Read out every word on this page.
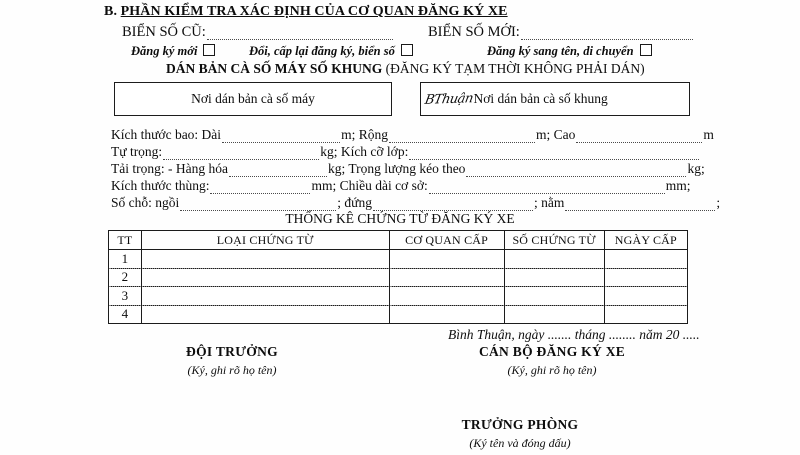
B. PHẦN KIỂM TRA XÁC ĐỊNH CỦA CƠ QUAN ĐĂNG KÝ XE
BIỂN SỐ CŨ:	BIỂN SỐ MỚI:
Đăng ký mới	Đổi, cấp lại đăng ký, biển số	Đăng ký sang tên, di chuyển
DÁN BẢN CÀ SỐ MÁY SỐ KHUNG (ĐĂNG KÝ TẠM THỜI KHÔNG PHẢI DÁN)
Nơi dán bản cà số máy	BThuận Nơi dán bản cà số khung
Kích thước bao: Dài	m; Rộng	m; Cao	m
Tự trọng:	kg; Kích cỡ lớp:
Tải trọng: - Hàng hóa	kg; Trọng lượng kéo theo	kg;
Kích thước thùng:	mm; Chiều dài cơ sở:	mm;
Số chỗ: ngồi	; đứng	; nằm	;
THỐNG KÊ CHỨNG TỪ ĐĂNG KÝ XE
TT	LOẠI CHỨNG TỪ	CƠ QUAN CẤP	SỐ CHỨNG TỪ	NGÀY CẤP
1				
2				
3				
4				
Bình Thuận, ngày ....... tháng ........ năm 20 .....
ĐỘI TRƯỞNG
(Ký, ghi rõ họ tên)
CÁN BỘ ĐĂNG KÝ XE
(Ký, ghi rõ họ tên)
TRƯỞNG PHÒNG
(Ký tên và đóng dấu)
